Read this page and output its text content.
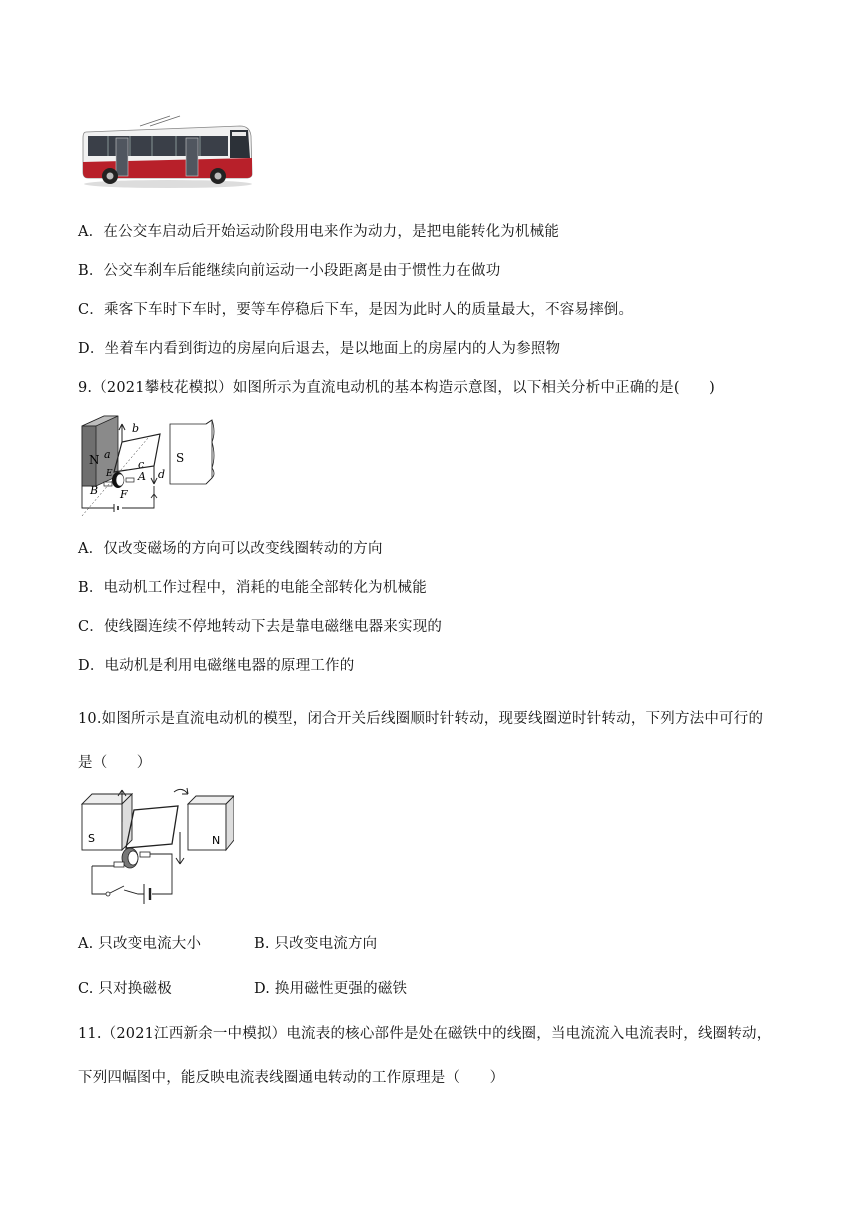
A．在公交车启动后开始运动阶段用电来作为动力，是把电能转化为机械能
B．公交车刹车后能继续向前运动一小段距离是由于惯性力在做功
C．乘客下车时下车时，要等车停稳后下车，是因为此时人的质量最大，不容易摔倒。
D．坐着车内看到街边的房屋向后退去，是以地面上的房屋内的人为参照物
9.（2021攀枝花模拟）如图所示为直流电动机的基本构造示意图，以下相关分析中正确的是(　　)
N	S
b
a
c
d
A
E
B F
A．仅改变磁场的方向可以改变线圈转动的方向
B．电动机工作过程中，消耗的电能全部转化为机械能
C．使线圈连续不停地转动下去是靠电磁继电器来实现的
D．电动机是利用电磁继电器的原理工作的
10.如图所示是直流电动机的模型，闭合开关后线圈顺时针转动，现要线圈逆时针转动，下列方法中可行的
是（　　）
S	N
A. 只改变电流大小	B. 只改变电流方向
C. 只对换磁极	D. 换用磁性更强的磁铁
11.（2021江西新余一中模拟）电流表的核心部件是处在磁铁中的线圈，当电流流入电流表时，线圈转动，
下列四幅图中，能反映电流表线圈通电转动的工作原理是（　　）
